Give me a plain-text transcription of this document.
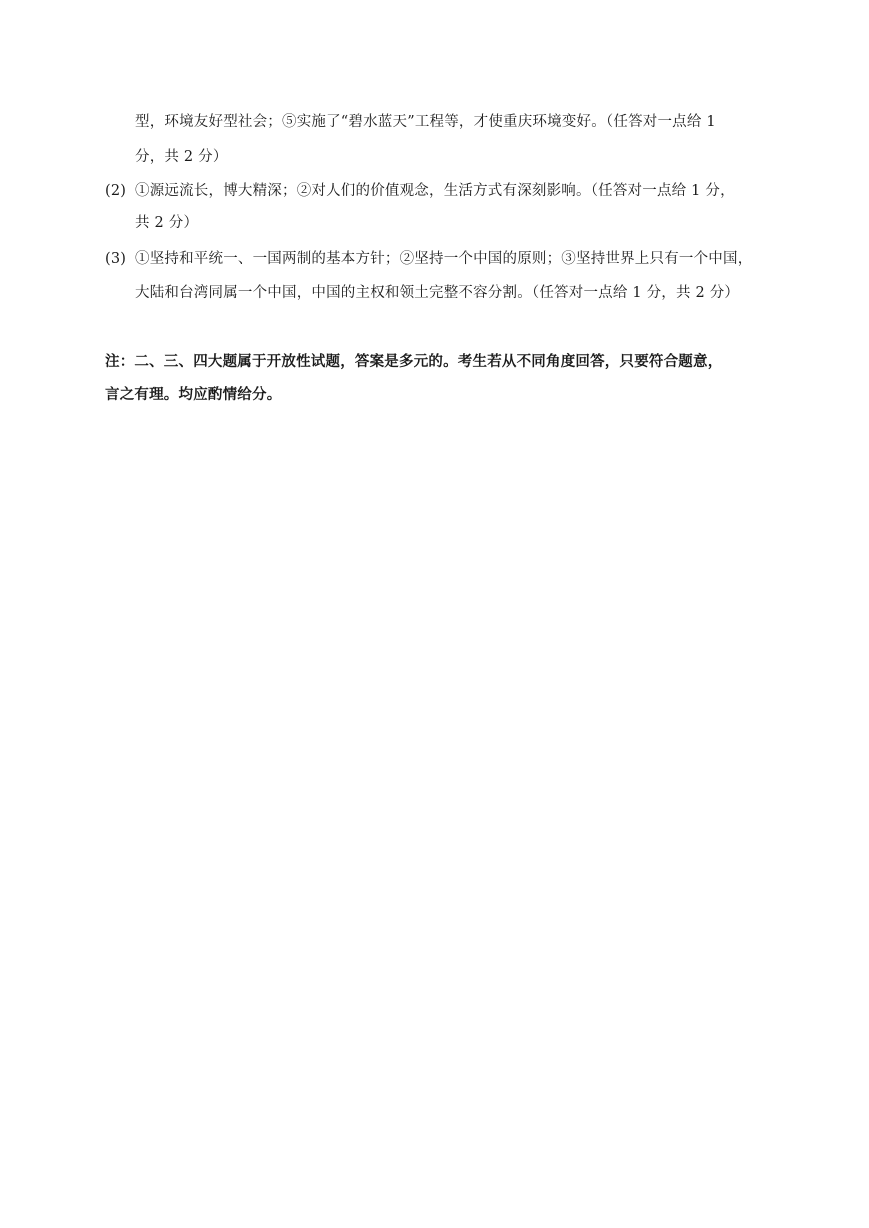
型，环境友好型社会；⑤实施了“碧水蓝天”工程等，才使重庆环境变好。（任答对一点给 1
分，共 2 分）
(2) ①源远流长，博大精深；②对人们的价值观念，生活方式有深刻影响。（任答对一点给 1 分，
共 2 分）
(3) ①坚持和平统一、一国两制的基本方针；②坚持一个中国的原则；③坚持世界上只有一个中国，
大陆和台湾同属一个中国，中国的主权和领土完整不容分割。（任答对一点给 1 分，共 2 分）
注：二、三、四大题属于开放性试题，答案是多元的。考生若从不同角度回答，只要符合题意，
言之有理。均应酌情给分。
